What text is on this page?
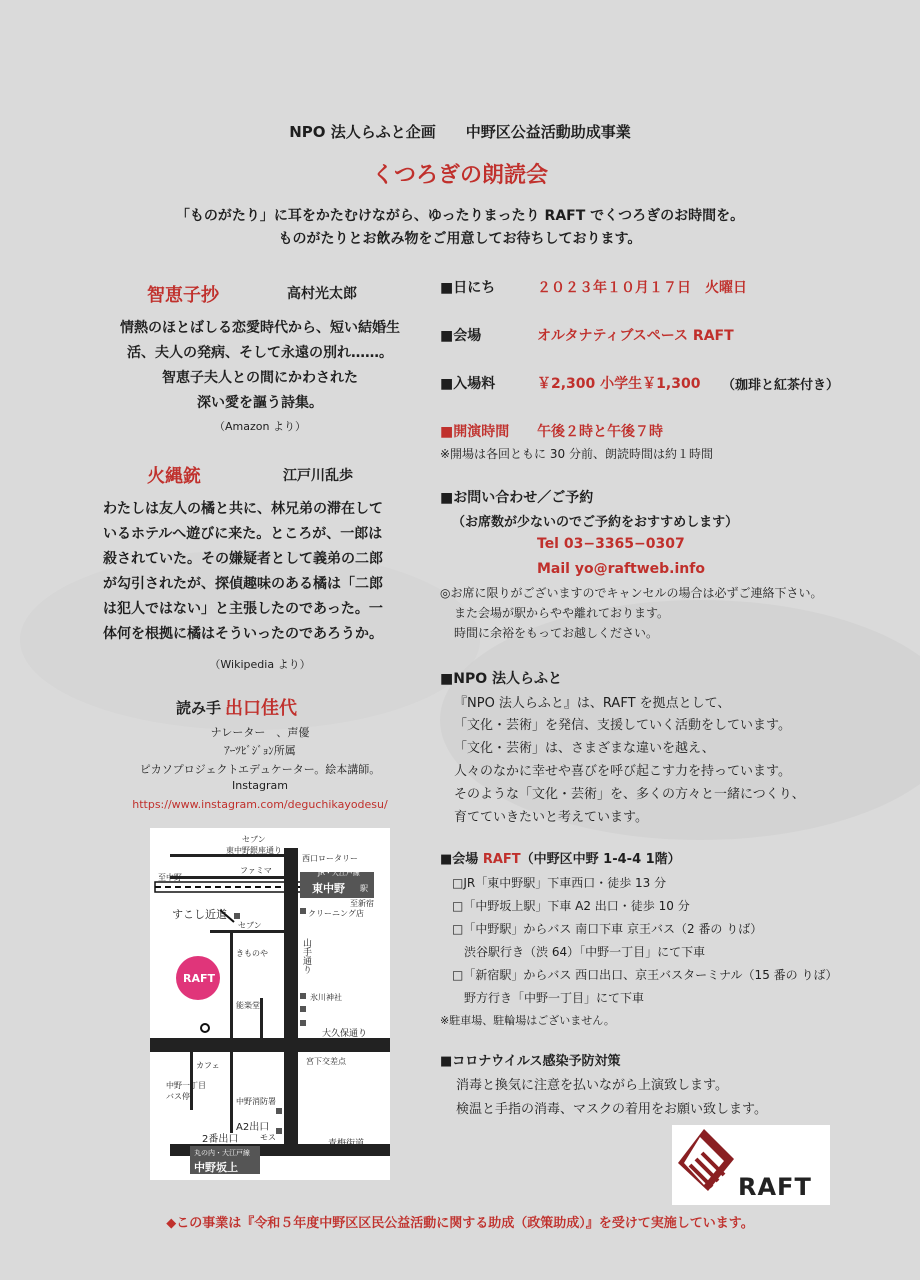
NPO 法人らふと企画　　中野区公益活動助成事業
くつろぎの朗読会
「ものがたり」に耳をかたむけながら、ゆったりまったり RAFT でくつろぎのお時間を。
ものがたりとお飲み物をご用意してお待ちしております。
智恵子抄	高村光太郎
情熱のほとばしる恋愛時代から、短い結婚生
活、夫人の発病、そして永遠の別れ……。
智恵子夫人との間にかわされた
深い愛を謳う詩集。
（Amazon より）
火縄銃	江戸川乱歩
わたしは友人の橘と共に、林兄弟の滞在して
いるホテルへ遊びに来た。ところが、一郎は
殺されていた。その嫌疑者として義弟の二郎
が勾引されたが、探偵趣味のある橘は「二郎
は犯人ではない」と主張したのであった。一
体何を根拠に橘はそういったのであろうか。
（Wikipedia より）
読み手 出口佳代
ナレーター　、声優
ｱｰﾂﾋﾞｼﾞｮﾝ所属
ピカソプロジェクトエデュケーター。絵本講師。
Instagram
https://www.instagram.com/deguchikayodesu/
セブン
東中野銀座通り
ファミマ
西口ロータリー
JR・大江戸線
東中野 駅
至中野
至新宿
すこし近道
セブン
クリーニング店
きものや	山手通り
RAFT
氷川神社
能楽堂
大久保通り
宮下交差点
カフェ
中野一丁目
バス停
中野消防署
A2出口
2番出口	モス
青梅街道
丸の内・大江戸線
中野坂上	至新宿
■日にち	２０２３年１０月１７日　火曜日
■会場	オルタナティブスペース RAFT
■入場料	￥2,300 小学生￥1,300 （珈琲と紅茶付き）
■開演時間 午後２時と午後７時
※開場は各回ともに 30 分前、朗読時間は約１時間
■お問い合わせ／ご予約
（お席数が少ないのでご予約をおすすめします）
Tel 03−3365−0307
Mail yo@raftweb.info
◎お席に限りがございますのでキャンセルの場合は必ずご連絡下さい。
また会場が駅からやや離れております。
時間に余裕をもってお越しください。
■NPO 法人らふと
『NPO 法人らふと』は、RAFT を拠点として、
「文化・芸術」を発信、支援していく活動をしています。
「文化・芸術」は、さまざまな違いを越え、
人々のなかに幸せや喜びを呼び起こす力を持っています。
そのような「文化・芸術」を、多くの方々と一緒につくり、
育てていきたいと考えています。
■会場 RAFT（中野区中野 1-4-4 1階）
□JR「東中野駅」下車西口・徒歩 13 分
□「中野坂上駅」下車 A2 出口・徒歩 10 分
□「中野駅」からバス 南口下車 京王バス（2 番の りば）
　渋谷駅行き（渋 64）「中野一丁目」にて下車
□「新宿駅」からバス 西口出口、京王バスターミナル（15 番の りば）
　野方行き「中野一丁目」にて下車
※駐車場、駐輪場はございません。
■コロナウイルス感染予防対策
消毒と換気に注意を払いながら上演致します。
検温と手指の消毒、マスクの着用をお願い致します。
RAFT
◆この事業は『令和５年度中野区区民公益活動に関する助成（政策助成）』を受けて実施しています。
